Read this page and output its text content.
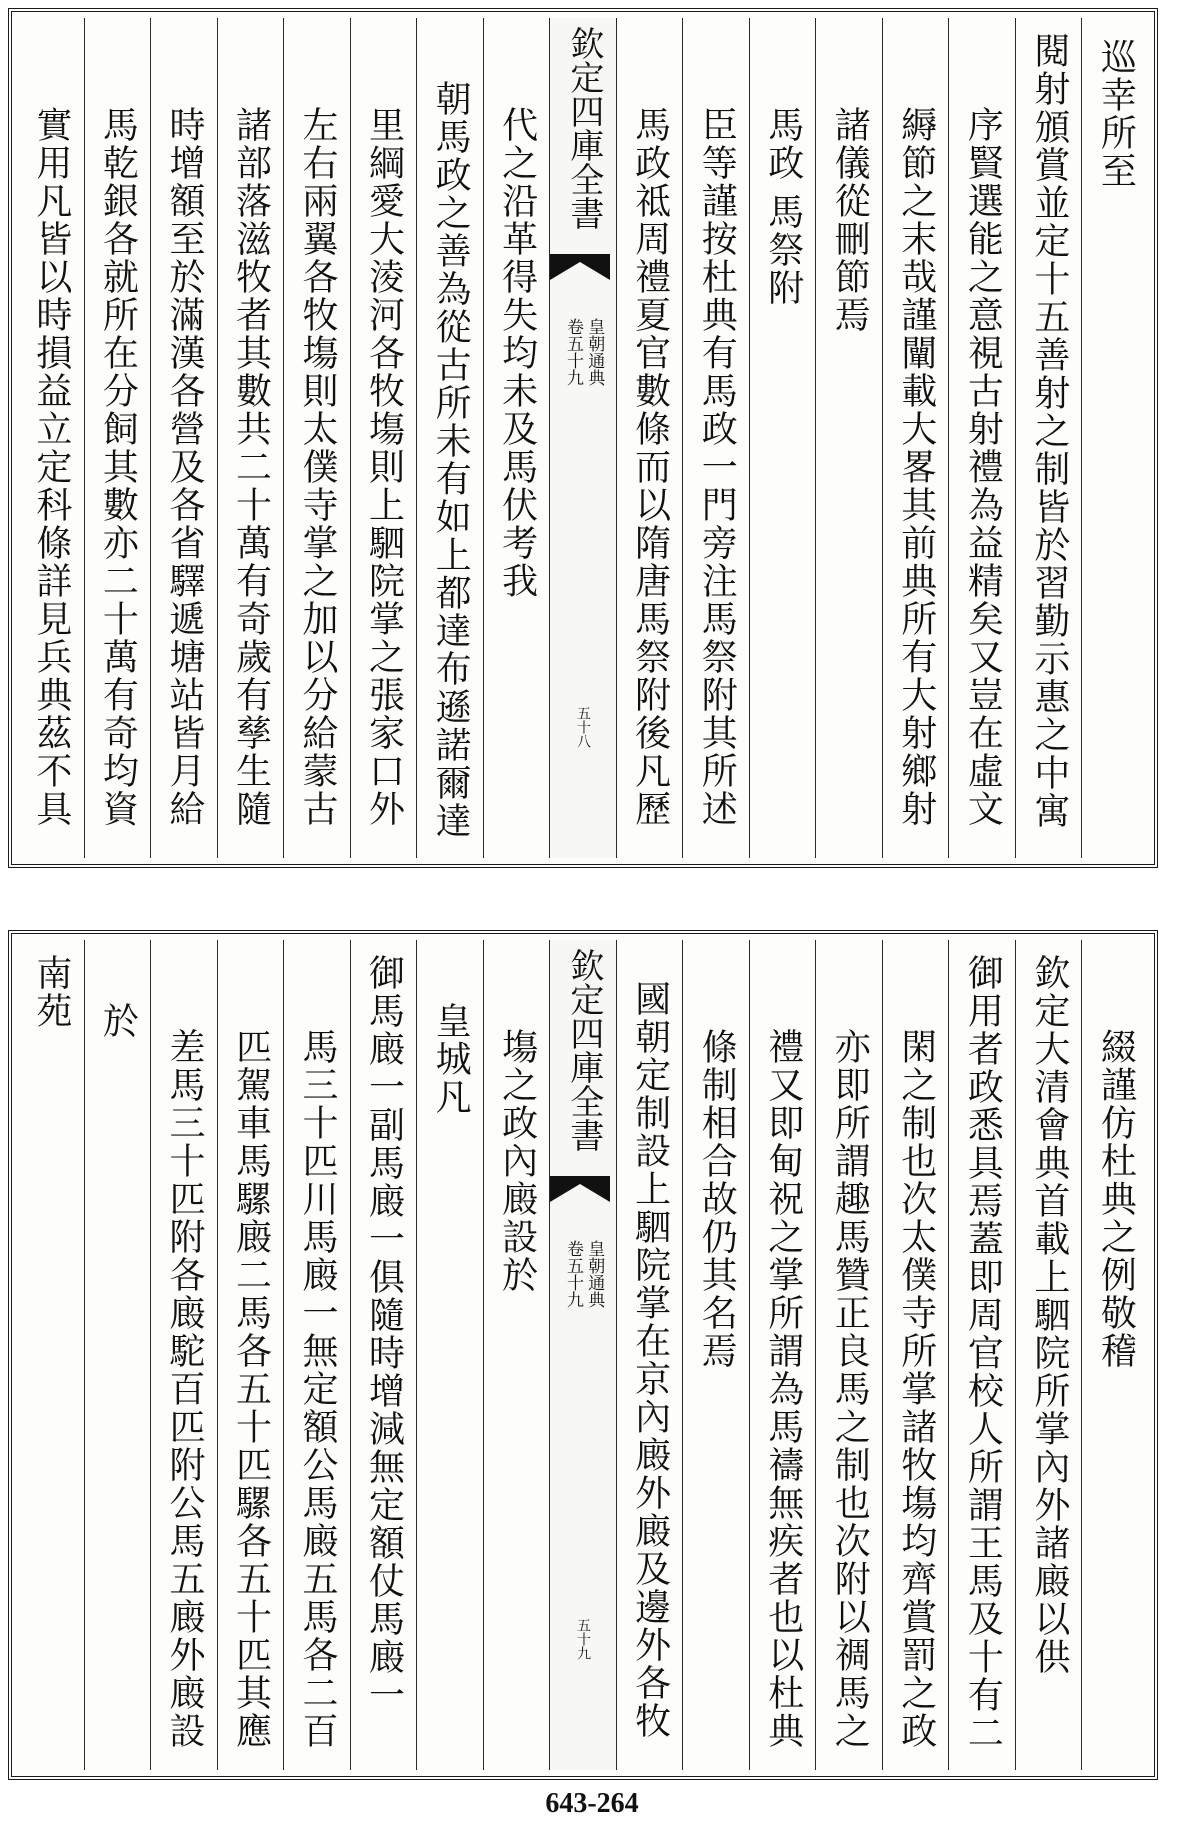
巡幸所至
閱射頒賞並定十五善射之制皆於習勤示惠之中寓
序賢選能之意視古射禮為益精矣又豈在虛文
縟節之末哉謹闡載大畧其前典所有大射鄉射
諸儀從刪節焉
馬政
馬祭附
臣等謹按杜典有馬政一門旁注馬祭附其所述
馬政祗周禮夏官數條而以隋唐馬祭附後凡歷
欽定四庫全書
皇朝通典
卷五十九
五十八
代之沿革得失均未及馬伏考我
朝馬政之善為從古所未有如上都達布遜諾爾達
里綱愛大淩河各牧塲則上駟院掌之張家口外
左右兩翼各牧塲則太僕寺掌之加以分給蒙古
諸部落滋牧者其數共二十萬有奇歲有孳生隨
時增額至於滿漢各營及各省驛遞塘站皆月給
馬乾銀各就所在分飼其數亦二十萬有奇均資
實用凡皆以時損益立定科條詳見兵典茲不具
綴謹仿杜典之例敬稽
欽定大清會典首載上駟院所掌內外諸廄以供
御用者政悉具焉蓋即周官校人所謂王馬及十有二
閑之制也次太僕寺所掌諸牧塲均齊賞罰之政
亦即所謂趣馬贊正良馬之制也次附以禂馬之
禮又即甸祝之掌所謂為馬禱無疾者也以杜典
條制相合故仍其名焉
國朝定制設上駟院掌在京內廄外廄及邊外各牧
欽定四庫全書
皇朝通典
卷五十九
五十九
塲之政內廄設於
皇城凡
御馬廄一副馬廄一俱隨時增減無定額仗馬廄一
馬三十匹川馬廄一無定額公馬廄五馬各二百
匹駕車馬騾廄二馬各五十匹騾各五十匹其應
差馬三十匹附各廄駝百匹附公馬五廄外廄設
於
南苑
643-264
